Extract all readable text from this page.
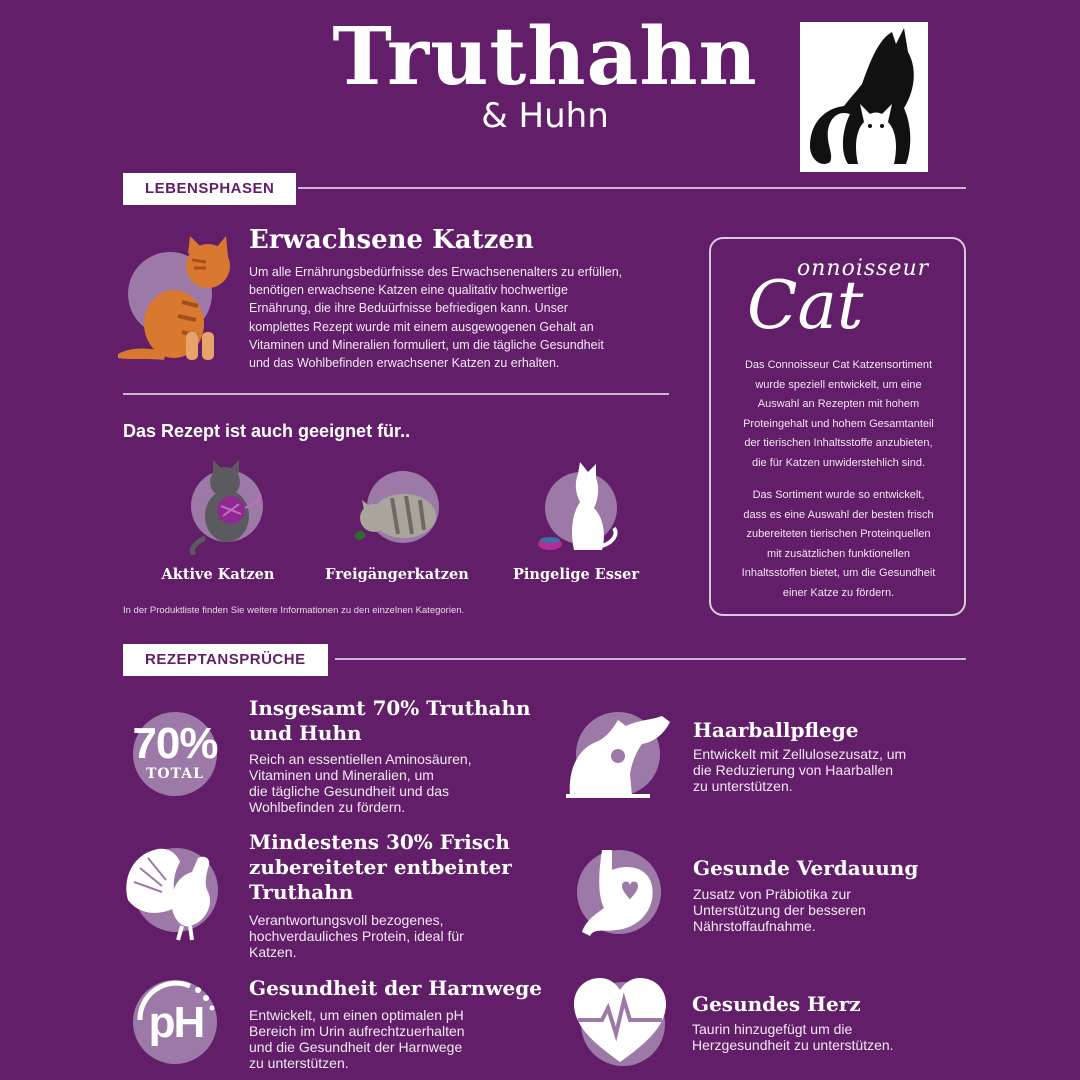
Truthahn
& Huhn
LEBENSPHASEN
Erwachsene Katzen
Um alle Ernährungsbedürfnisse des Erwachsenenalters zu erfüllen,
benötigen erwachsene Katzen eine qualitativ hochwertige
Ernährung, die ihre Beduürfnisse befriedigen kann. Unser
komplettes Rezept wurde mit einem ausgewogenen Gehalt an
Vitaminen und Mineralien formuliert, um die tägliche Gesundheit
und das Wohlbefinden erwachsener Katzen zu erhalten.
Das Rezept ist auch geeignet für..
Aktive Katzen	Freigängerkatzen	Pingelige Esser
In der Produktliste finden Sie weitere Informationen zu den einzelnen Kategorien.
onnoisseur
Cat
Das Connoisseur Cat Katzensortiment
wurde speziell entwickelt, um eine
Auswahl an Rezepten mit hohem
Proteingehalt und hohem Gesamtanteil
der tierischen Inhaltsstoffe anzubieten,
die für Katzen unwiderstehlich sind.
Das Sortiment wurde so entwickelt,
dass es eine Auswahl der besten frisch
zubereiteten tierischen Proteinquellen
mit zusätzlichen funktionellen
Inhaltsstoffen bietet, um die Gesundheit
einer Katze zu fördern.
REZEPTANSPRÜCHE
70%
TOTAL
Insgesamt 70% Truthahn
und Huhn
Reich an essentiellen Aminosäuren,
Vitaminen und Mineralien, um
die tägliche Gesundheit und das
Wohlbefinden zu fördern.
Mindestens 30% Frisch
zubereiteter entbeinter
Truthahn
Verantwortungsvoll bezogenes,
hochverdauliches Protein, ideal für
Katzen.
pH
Gesundheit der Harnwege
Entwickelt, um einen optimalen pH
Bereich im Urin aufrechtzuerhalten
und die Gesundheit der Harnwege
zu unterstützen.
Haarballpflege
Entwickelt mit Zellulosezusatz, um
die Reduzierung von Haarballen
zu unterstützen.
Gesunde Verdauung
Zusatz von Präbiotika zur
Unterstützung der besseren
Nährstoffaufnahme.
Gesundes Herz
Taurin hinzugefügt um die
Herzgesundheit zu unterstützen.
